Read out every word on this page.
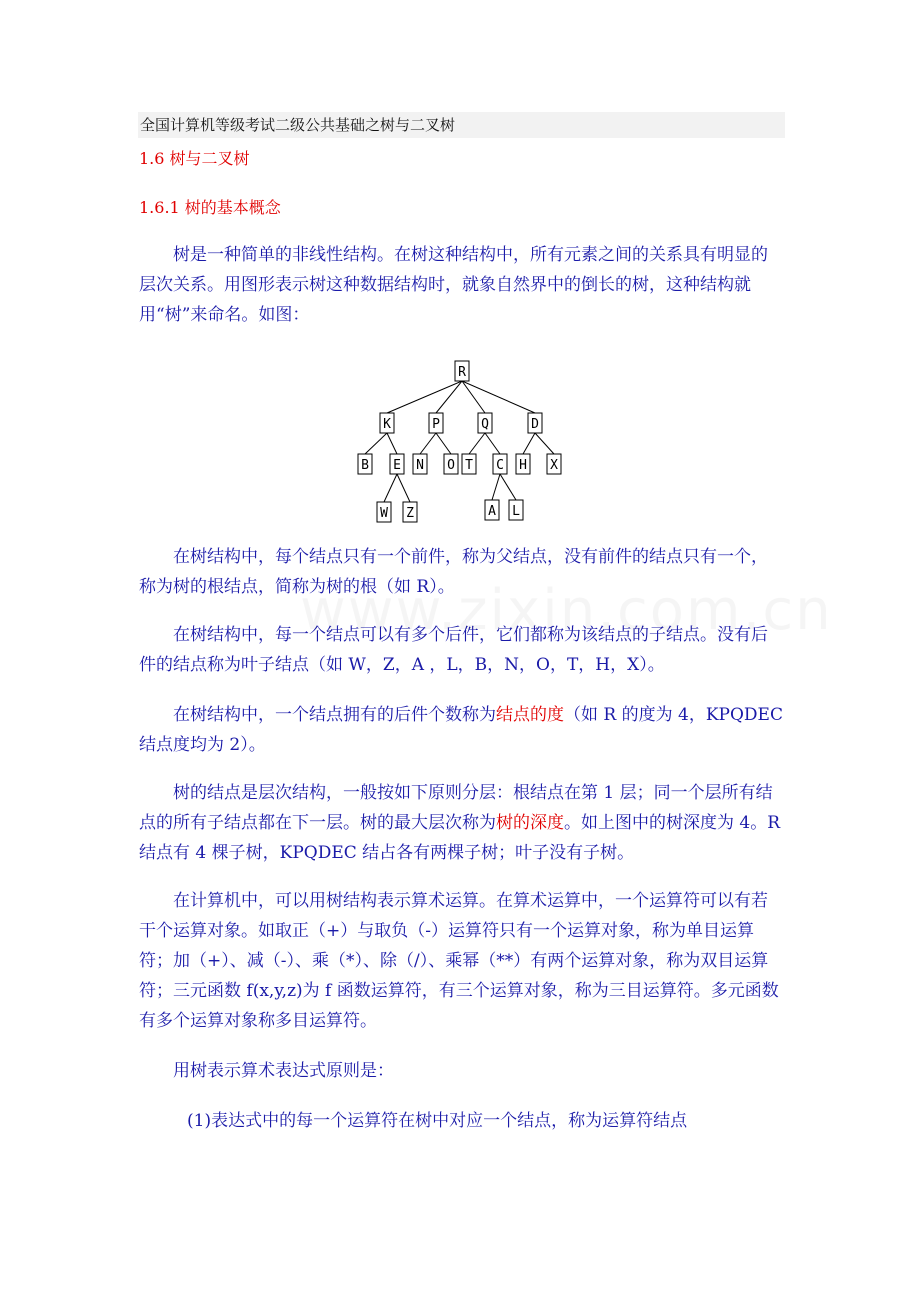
全国计算机等级考试二级公共基础之树与二叉树
1.6 树与二叉树
1.6.1 树的基本概念
树是一种简单的非线性结构。在树这种结构中，所有元素之间的关系具有明显的层次关系。用图形表示树这种数据结构时，就象自然界中的倒长的树，这种结构就用“树”来命名。如图：
R
K	P	Q	D
B E N O T C H X
W Z	A L
在树结构中，每个结点只有一个前件，称为父结点，没有前件的结点只有一个，称为树的根结点，简称为树的根（如 R）。
在树结构中，每一个结点可以有多个后件，它们都称为该结点的子结点。没有后件的结点称为叶子结点（如 W，Z，A ，L，B，N，O，T，H，X）。
在树结构中，一个结点拥有的后件个数称为结点的度（如 R 的度为 4，KPQDEC 结点度均为 2）。
树的结点是层次结构，一般按如下原则分层：根结点在第 1 层；同一个层所有结点的所有子结点都在下一层。树的最大层次称为树的深度。如上图中的树深度为 4。R 结点有 4 棵子树，KPQDEC 结占各有两棵子树；叶子没有子树。
在计算机中，可以用树结构表示算术运算。在算术运算中，一个运算符可以有若干个运算对象。如取正（+）与取负（-）运算符只有一个运算对象，称为单目运算符；加（+）、减（-）、乘（*）、除（/）、乘幂（**）有两个运算对象，称为双目运算符；三元函数 f(x,y,z)为 f 函数运算符，有三个运算对象，称为三目运算符。多元函数有多个运算对象称多目运算符。
用树表示算术表达式原则是：
(1)表达式中的每一个运算符在树中对应一个结点，称为运算符结点
